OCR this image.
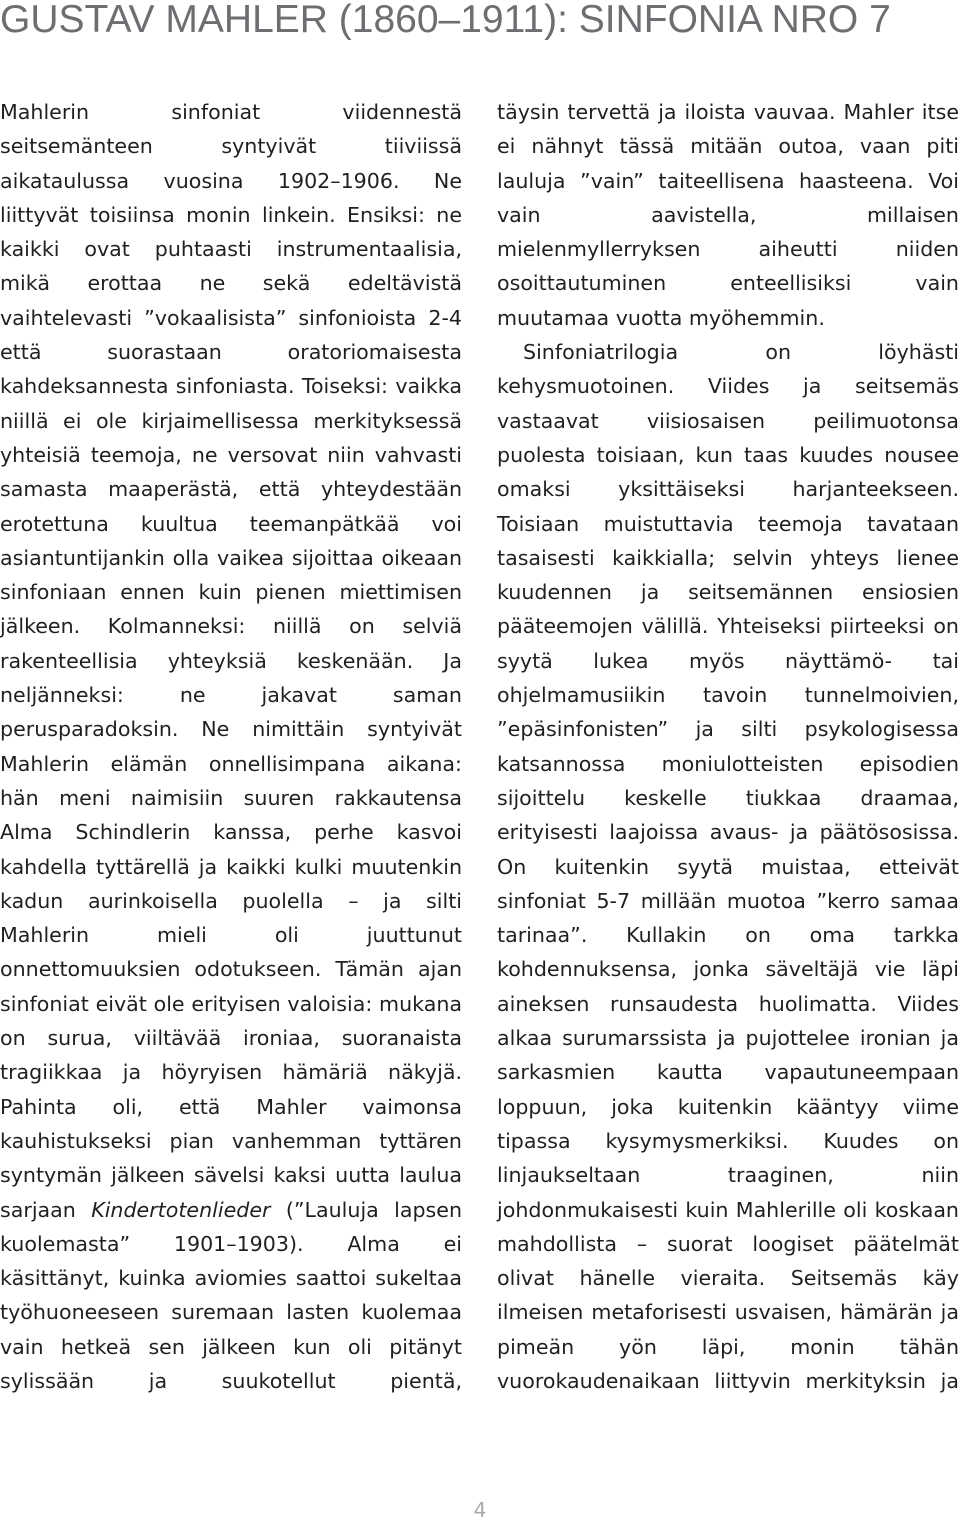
GUSTAV MAHLER (1860–1911): SINFONIA NRO 7

Mahlerin sinfoniat viidennestä seitsemänteen syntyivät tiiviissä aikataulussa vuosina 1902–1906. Ne liittyvät toisiinsa monin linkein. Ensiksi: ne kaikki ovat puhtaasti instrumentaalisia, mikä erottaa ne sekä edeltävistä vaihtelevasti ”vokaalisista” sinfonioista 2-4 että suorastaan oratoriomaisesta kahdeksannesta sinfoniasta. Toiseksi: vaikka niillä ei ole kirjaimellisessa merkityksessä yhteisiä teemoja, ne versovat niin vahvasti samasta maaperästä, että yhteydestään erotettuna kuultua teemanpätkää voi asiantuntijankin olla vaikea sijoittaa oikeaan sinfoniaan ennen kuin pienen miettimisen jälkeen. Kolmanneksi: niillä on selviä rakenteellisia yhteyksiä keskenään. Ja neljänneksi: ne jakavat saman perusparadoksin. Ne nimittäin syntyivät Mahlerin elämän onnellisimpana aikana: hän meni naimisiin suuren rakkautensa Alma Schindlerin kanssa, perhe kasvoi kahdella tyttärellä ja kaikki kulki muutenkin kadun aurinkoisella puolella – ja silti Mahlerin mieli oli juuttunut onnettomuuksien odotukseen. Tämän ajan sinfoniat eivät ole erityisen valoisia: mukana on surua, viiltävää ironiaa, suoranaista tragiikkaa ja höyryisen hämäriä näkyjä. Pahinta oli, että Mahler vaimonsa kauhistukseksi pian vanhemman tyttären syntymän jälkeen sävelsi kaksi uutta laulua sarjaan Kindertotenlieder (”Lauluja lapsen kuolemasta” 1901–1903). Alma ei käsittänyt, kuinka aviomies saattoi sukeltaa työhuoneeseen suremaan lasten kuolemaa vain hetkeä sen jälkeen kun oli pitänyt sylissään ja suukotellut pientä,

täysin tervettä ja iloista vauvaa. Mahler itse ei nähnyt tässä mitään outoa, vaan piti lauluja ”vain” taiteellisena haasteena. Voi vain aavistella, millaisen mielenmyllerryksen aiheutti niiden osoittautuminen enteellisiksi vain muutamaa vuotta myöhemmin.

Sinfoniatrilogia on löyhästi kehysmuotoinen. Viides ja seitsemäs vastaavat viisiosaisen peilimuotonsa puolesta toisiaan, kun taas kuudes nousee omaksi yksittäiseksi harjanteekseen. Toisiaan muistuttavia teemoja tavataan tasaisesti kaikkialla; selvin yhteys lienee kuudennen ja seitsemännen ensiosien pääteemojen välillä. Yhteiseksi piirteeksi on syytä lukea myös näyttämö- tai ohjelmamusiikin tavoin tunnelmoivien, ”epäsinfonisten” ja silti psykologisessa katsannossa moniulotteisten episodien sijoittelu keskelle tiukkaa draamaa, erityisesti laajoissa avaus- ja päätösosissa. On kuitenkin syytä muistaa, etteivät sinfoniat 5-7 millään muotoa ”kerro samaa tarinaa”. Kullakin on oma tarkka kohdennuksensa, jonka säveltäjä vie läpi aineksen runsaudesta huolimatta. Viides alkaa surumarssista ja pujottelee ironian ja sarkasmien kautta vapautuneempaan loppuun, joka kuitenkin kääntyy viime tipassa kysymysmerkiksi. Kuudes on linjaukseltaan traaginen, niin johdonmukaisesti kuin Mahlerille oli koskaan mahdollista – suorat loogiset päätelmät olivat hänelle vieraita. Seitsemäs käy ilmeisen metaforisesti usvaisen, hämärän ja pimeän yön läpi, monin tähän vuorokaudenaikaan liittyvin merkityksin ja

4
